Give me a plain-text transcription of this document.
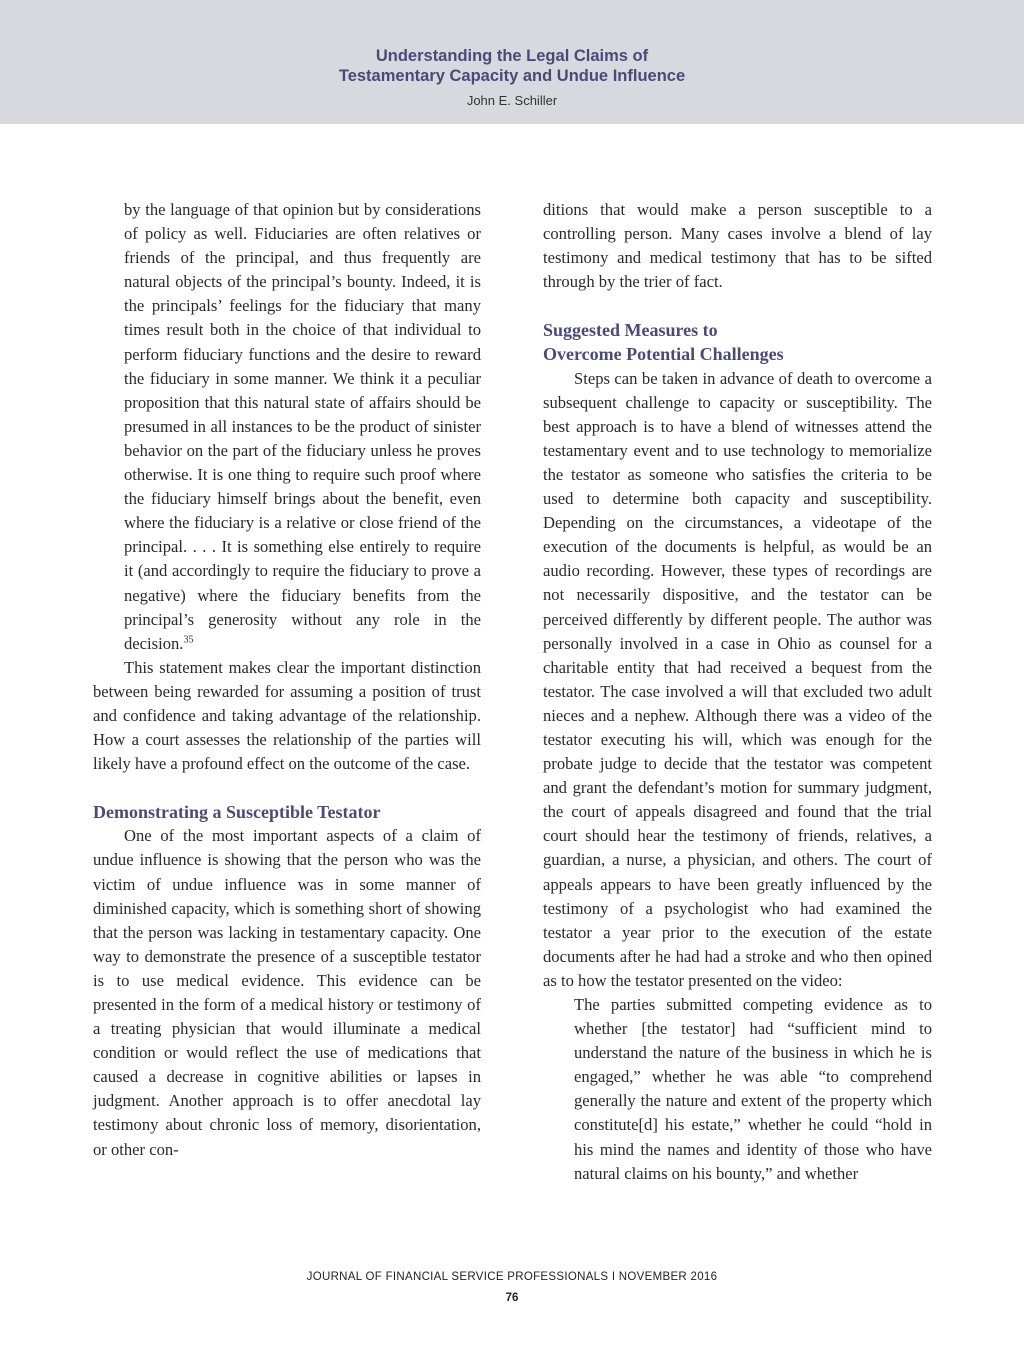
Understanding the Legal Claims of
Testamentary Capacity and Undue Influence
John E. Schiller

by the language of that opinion but by considerations of policy as well. Fiduciaries are often relatives or friends of the principal, and thus frequently are natural objects of the principal’s bounty. Indeed, it is the principals’ feelings for the fiduciary that many times result both in the choice of that individual to perform fiduciary functions and the desire to reward the fiduciary in some manner. We think it a peculiar proposition that this natural state of affairs should be presumed in all instances to be the product of sinister behavior on the part of the fiduciary unless he proves otherwise. It is one thing to require such proof where the fiduciary himself brings about the benefit, even where the fiduciary is a relative or close friend of the principal. . . . It is something else entirely to require it (and accordingly to require the fiduciary to prove a negative) where the fiduciary benefits from the principal’s generosity without any role in the decision.$^{35}$

This statement makes clear the important distinction between being rewarded for assuming a position of trust and confidence and taking advantage of the relationship. How a court assesses the relationship of the parties will likely have a profound effect on the outcome of the case.

Demonstrating a Susceptible Testator

One of the most important aspects of a claim of undue influence is showing that the person who was the victim of undue influence was in some manner of diminished capacity, which is something short of showing that the person was lacking in testamentary capacity. One way to demonstrate the presence of a susceptible testator is to use medical evidence. This evidence can be presented in the form of a medical history or testimony of a treating physician that would illuminate a medical condition or would reflect the use of medications that caused a decrease in cognitive abilities or lapses in judgment. Another approach is to offer anecdotal lay testimony about chronic loss of memory, disorientation, or other con-

ditions that would make a person susceptible to a controlling person. Many cases involve a blend of lay testimony and medical testimony that has to be sifted through by the trier of fact.

Suggested Measures to
Overcome Potential Challenges

Steps can be taken in advance of death to overcome a subsequent challenge to capacity or susceptibility. The best approach is to have a blend of witnesses attend the testamentary event and to use technology to memorialize the testator as someone who satisfies the criteria to be used to determine both capacity and susceptibility. Depending on the circumstances, a videotape of the execution of the documents is helpful, as would be an audio recording. However, these types of recordings are not necessarily dispositive, and the testator can be perceived differently by different people. The author was personally involved in a case in Ohio as counsel for a charitable entity that had received a bequest from the testator. The case involved a will that excluded two adult nieces and a nephew. Although there was a video of the testator executing his will, which was enough for the probate judge to decide that the testator was competent and grant the defendant’s motion for summary judgment, the court of appeals disagreed and found that the trial court should hear the testimony of friends, relatives, a guardian, a nurse, a physician, and others. The court of appeals appears to have been greatly influenced by the testimony of a psychologist who had examined the testator a year prior to the execution of the estate documents after he had had a stroke and who then opined as to how the testator presented on the video:

The parties submitted competing evidence as to whether [the testator] had “sufficient mind to understand the nature of the business in which he is engaged,” whether he was able “to comprehend generally the nature and extent of the property which constitute[d] his estate,” whether he could “hold in his mind the names and identity of those who have natural claims on his bounty,” and whether

JOURNAL OF FINANCIAL SERVICE PROFESSIONALS I NOVEMBER 2016
76
